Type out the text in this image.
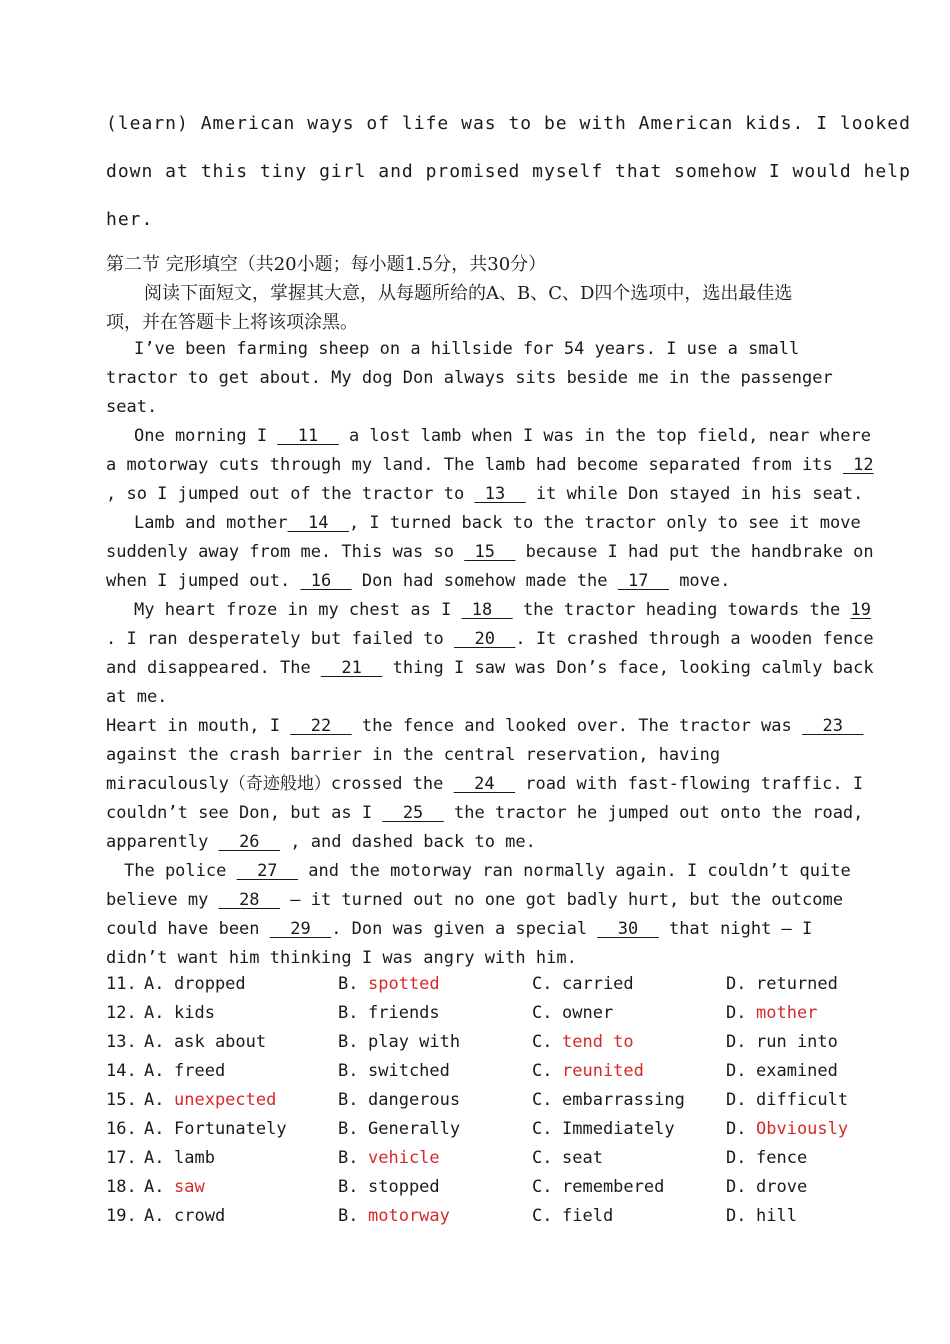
(learn) American ways of life was to be with American kids. I looked
down at this tiny girl and promised myself that somehow I would help
her.
第二节 完形填空（共20小题；每小题1.5分，共30分）
阅读下面短文，掌握其大意，从每题所给的A、B、C、D四个选项中，选出最佳选
项，并在答题卡上将该项涂黑。
I’ve been farming sheep on a hillside for 54 years. I use a small
tractor to get about. My dog Don always sits beside me in the passenger
seat.
One morning I   11   a lost lamb when I was in the top field, near where
a motorway cuts through my land. The lamb had become separated from its  12
, so I jumped out of the tractor to  13   it while Don stayed in his seat.
Lamb and mother  14  , I turned back to the tractor only to see it move
suddenly away from me. This was so  15   because I had put the handbrake on
when I jumped out.  16   Don had somehow made the  17   move.
My heart froze in my chest as I  18   the tractor heading towards the 19
. I ran desperately but failed to   20  . It crashed through a wooden fence
and disappeared. The   21   thing I saw was Don’s face, looking calmly back
at me.
Heart in mouth, I   22   the fence and looked over. The tractor was   23
against the crash barrier in the central reservation, having
miraculously（奇迹般地）crossed the   24   road with fast-flowing traffic. I
couldn’t see Don, but as I   25   the tractor he jumped out onto the road,
apparently   26   , and dashed back to me.
The police   27   and the motorway ran normally again. I couldn’t quite
believe my   28   — it turned out no one got badly hurt, but the outcome
could have been   29  . Don was given a special   30   that night — I
didn’t want him thinking I was angry with him.
11. A. dropped	B. spotted	C. carried	D. returned
12. A. kids	B. friends	C. owner	D. mother
13. A. ask about	B. play with	C. tend to	D. run into
14. A. freed	B. switched	C. reunited	D. examined
15. A. unexpected	B. dangerous	C. embarrassing D. difficult
16. A. Fortunately	B. Generally	C. Immediately	D. Obviously
17. A. lamb	B. vehicle	C. seat	D. fence
18. A. saw	B. stopped	C. remembered	D. drove
19. A. crowd	B. motorway	C. field	D. hill
